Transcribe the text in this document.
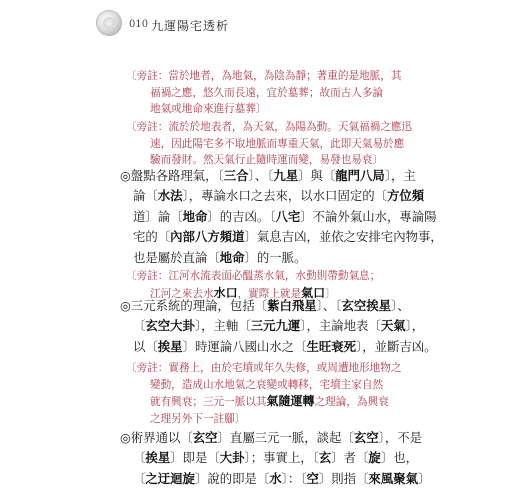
010 九運陽宅透析
〔旁註：當於地者，為地氣，為陰為靜；著重的是地脈，其
福禍之應，悠久而長遠，宜於墓葬；故而古人多論
地氣或地命來進行墓葬〕
〔旁註：流於於地表者，為天氣，為陽為動。天氣福禍之應迅
速，因此陽宅多不取地脈而專重天氣，此即天氣易於應
驗而發財。然天氣行止隨時運而變，易發也易衰〕
◎盤點各路理氣，〔三合〕、〔九星〕與〔龍門八局〕，主
論〔水法〕，專論水口之去來，以水口固定的〔方位頻
道〕論〔地命〕的吉凶。〔八宅〕不論外氣山水，專論陽
宅的〔內部八方頻道〕氣息吉凶，並依之安排宅內物事，
也是屬於直論〔地命〕的一脈。
〔旁註：江河水流表面必醞蒸水氣，水動則帶動氣息；
江河之來去水水口，實際上就是氣口〕
◎三元系統的理論，包括〔紫白飛星〕、〔玄空挨星〕、
〔玄空大卦〕，主軸〔三元九運〕，主論地表〔天氣〕，
以〔挨星〕時運論八國山水之〔生旺衰死〕，並斷吉凶。
〔旁註：實務上，由於宅墳或年久失修，或周遭地形地物之
變動，造成山水地氣之衰變或轉移，宅墳主家自然
就有興衰；三元一脈以其氣隨運轉之理論，為興衰
之理另外下一註腳〕
◎術界通以〔玄空〕直屬三元一脈，談起〔玄空〕，不是
〔挨星〕即是〔大卦〕；事實上，〔玄〕者〔旋〕也，
〔之迂迴旋〕說的即是〔水〕：〔空〕則指〔來風聚氣〕
